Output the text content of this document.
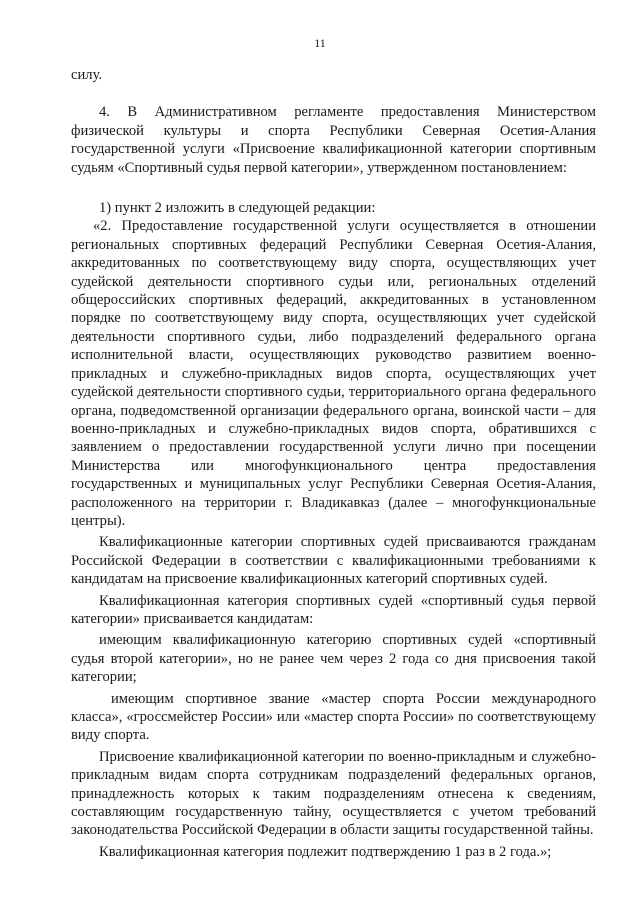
11

силу.

4. В Административном регламенте предоставления Министерством физической культуры и спорта Республики Северная Осетия-Алания государственной услуги «Присвоение квалификационной категории спортивным судьям «Спортивный судья первой категории», утвержденном постановлением:

1) пункт 2 изложить в следующей редакции:

«2. Предоставление государственной услуги осуществляется в отношении региональных спортивных федераций Республики Северная Осетия-Алания, аккредитованных по соответствующему виду спорта, осуществляющих учет судейской деятельности спортивного судьи или, региональных отделений общероссийских спортивных федераций, аккредитованных в установленном порядке по соответствующему виду спорта, осуществляющих учет судейской деятельности спортивного судьи, либо подразделений федерального органа исполнительной власти, осуществляющих руководство развитием военно-прикладных и служебно-прикладных видов спорта, осуществляющих учет судейской деятельности спортивного судьи, территориального органа федерального органа, подведомственной организации федерального органа, воинской части – для военно-прикладных и служебно-прикладных видов спорта, обратившихся с заявлением о предоставлении государственной услуги лично при посещении Министерства или многофункционального центра предоставления государственных и муниципальных услуг Республики Северная Осетия-Алания, расположенного на территории г. Владикавказ (далее – многофункциональные центры).

Квалификационные категории спортивных судей присваиваются гражданам Российской Федерации в соответствии с квалификационными требованиями к кандидатам на присвоение квалификационных категорий спортивных судей.

Квалификационная категория спортивных судей «спортивный судья первой категории» присваивается кандидатам:

имеющим квалификационную категорию спортивных судей «спортивный судья второй категории», но не ранее чем через 2 года со дня присвоения такой категории;

имеющим спортивное звание «мастер спорта России международного класса», «гроссмейстер России» или «мастер спорта России» по соответствующему виду спорта.

Присвоение квалификационной категории по военно-прикладным и служебно-прикладным видам спорта сотрудникам подразделений федеральных органов, принадлежность которых к таким подразделениям отнесена к сведениям, составляющим государственную тайну, осуществляется с учетом требований законодательства Российской Федерации в области защиты государственной тайны.

Квалификационная категория подлежит подтверждению 1 раз в 2 года.»;
